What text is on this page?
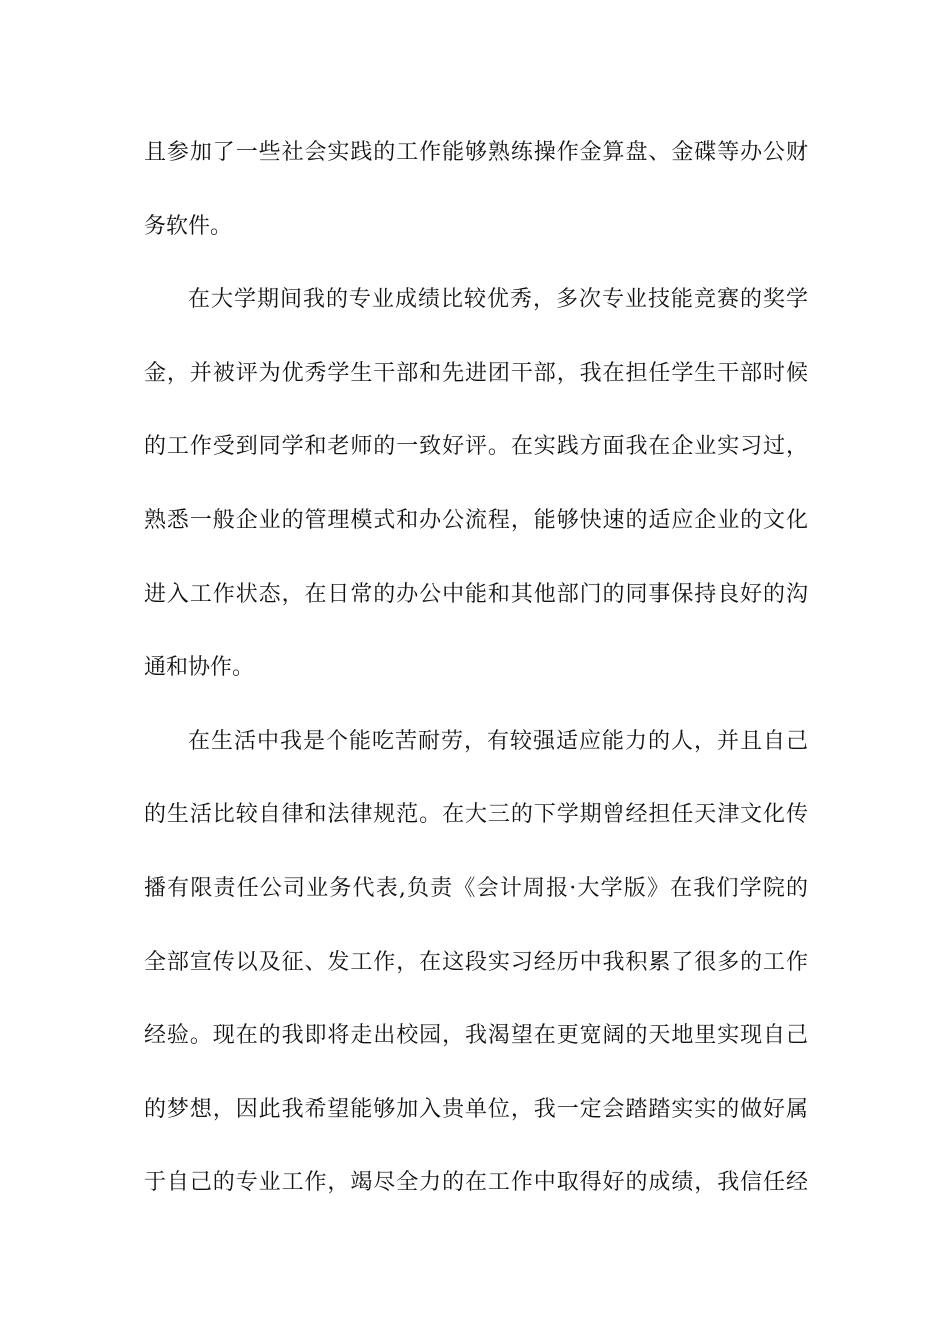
且参加了一些社会实践的工作能够熟练操作金算盘、金碟等办公财
务软件。
在大学期间我的专业成绩比较优秀，多次专业技能竞赛的奖学
金，并被评为优秀学生干部和先进团干部，我在担任学生干部时候
的工作受到同学和老师的一致好评。在实践方面我在企业实习过，
熟悉一般企业的管理模式和办公流程，能够快速的适应企业的文化
进入工作状态，在日常的办公中能和其他部门的同事保持良好的沟
通和协作。
在生活中我是个能吃苦耐劳，有较强适应能力的人，并且自己
的生活比较自律和法律规范。在大三的下学期曾经担任天津文化传
播有限责任公司业务代表,负责《会计周报·大学版》在我们学院的
全部宣传以及征、发工作，在这段实习经历中我积累了很多的工作
经验。现在的我即将走出校园，我渴望在更宽阔的天地里实现自己
的梦想，因此我希望能够加入贵单位，我一定会踏踏实实的做好属
于自己的专业工作，竭尽全力的在工作中取得好的成绩，我信任经
